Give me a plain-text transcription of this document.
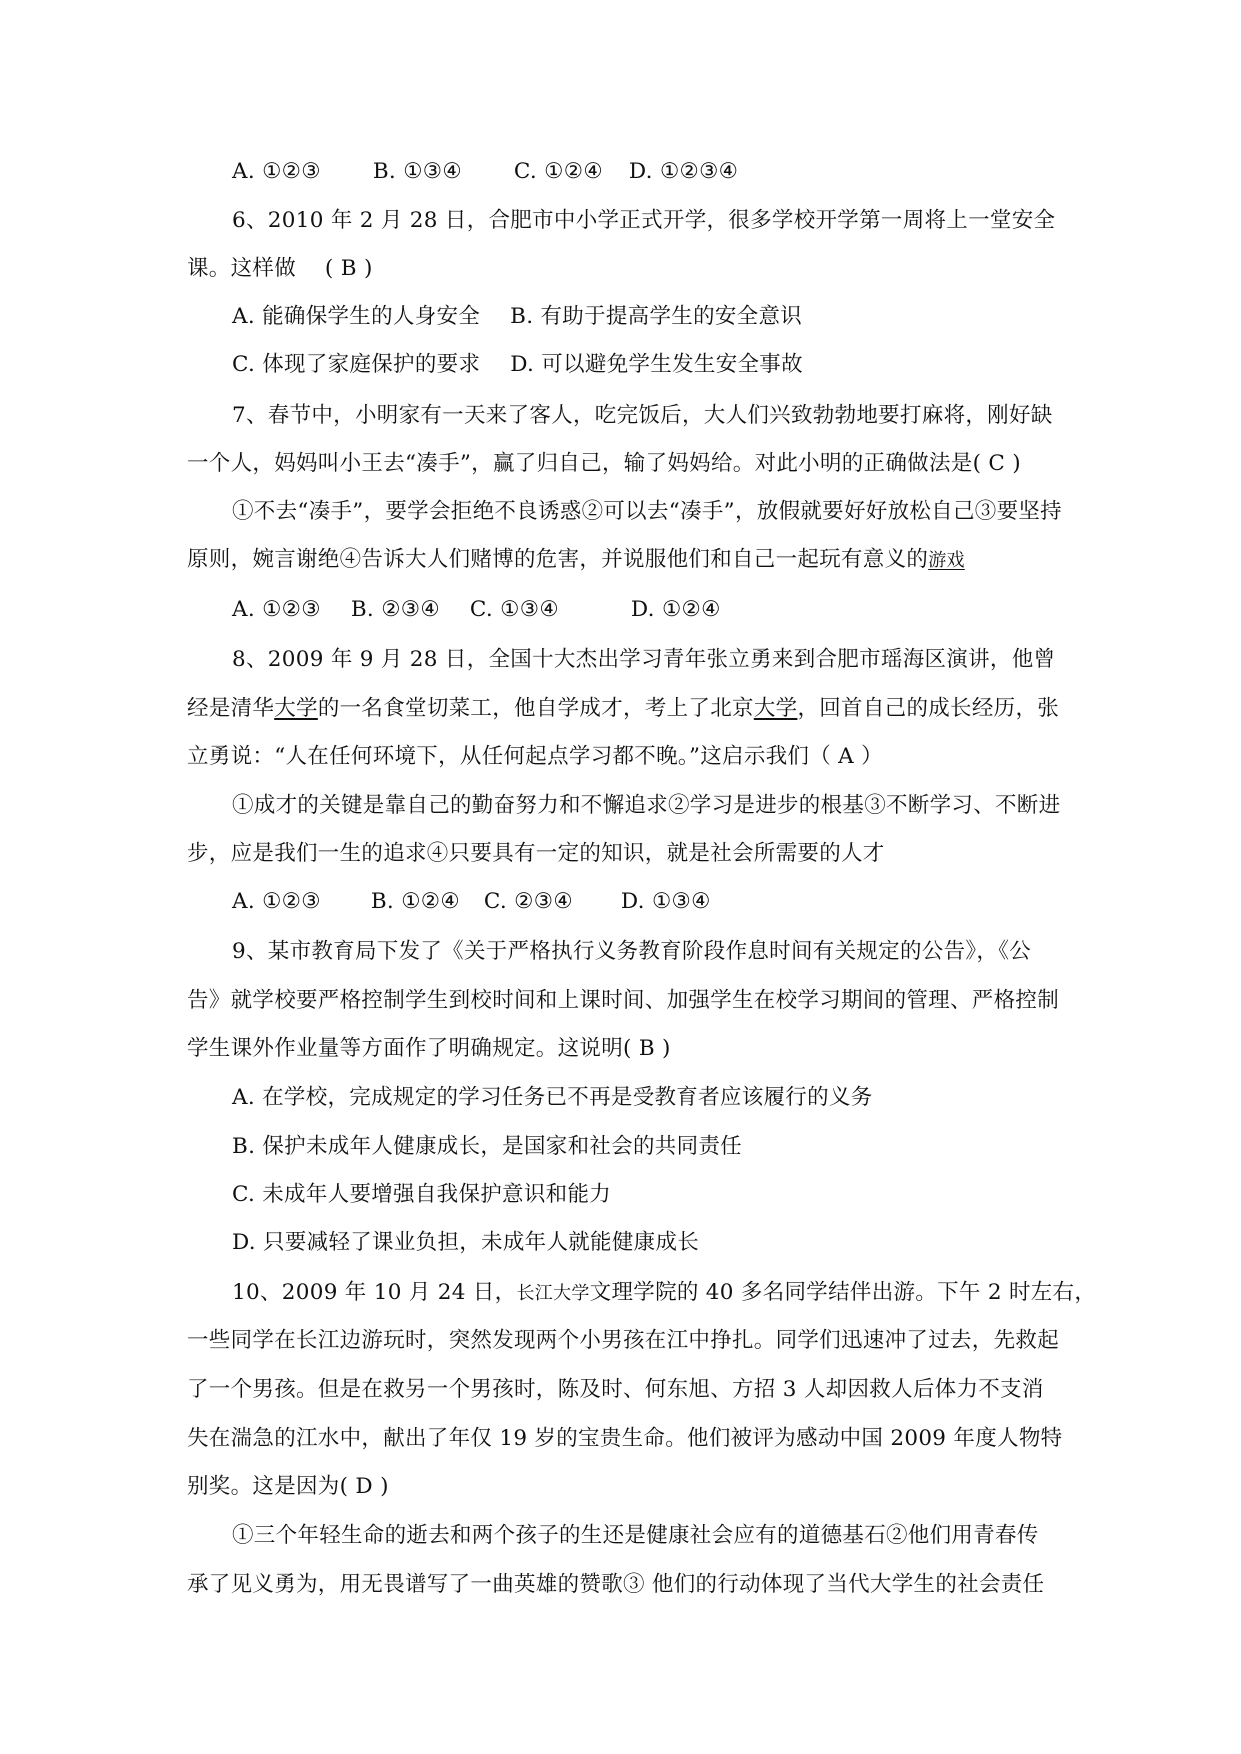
A. ①②③ B. ①③④ C. ①②④ D. ①②③④
6、2010 年 2 月 28 日，合肥市中小学正式开学，很多学校开学第一周将上一堂安全
课。这样做 　( B )
A. 能确保学生的人身安全 B. 有助于提高学生的安全意识
C. 体现了家庭保护的要求 D. 可以避免学生发生安全事故
7、春节中，小明家有一天来了客人，吃完饭后，大人们兴致勃勃地要打麻将，刚好缺
一个人，妈妈叫小王去“凑手”，赢了归自己，输了妈妈给。对此小明的正确做法是( C )
①不去“凑手”，要学会拒绝不良诱惑②可以去“凑手”，放假就要好好放松自己③要坚持
原则，婉言谢绝④告诉大人们赌博的危害，并说服他们和自己一起玩有意义的游戏
A. ①②③ B. ②③④ C. ①③④	D. ①②④
8、2009 年 9 月 28 日，全国十大杰出学习青年张立勇来到合肥市瑶海区演讲，他曾
经是清华大学的一名食堂切菜工，他自学成才，考上了北京大学，回首自己的成长经历，张
立勇说：“人在任何环境下，从任何起点学习都不晚。”这启示我们（ A ）
①成才的关键是靠自己的勤奋努力和不懈追求②学习是进步的根基③不断学习、不断进
步，应是我们一生的追求④只要具有一定的知识，就是社会所需要的人才
A. ①②③ B. ①②④ C. ②③④ D. ①③④
9、某市教育局下发了《关于严格执行义务教育阶段作息时间有关规定的公告》，《公
告》就学校要严格控制学生到校时间和上课时间、加强学生在校学习期间的管理、严格控制
学生课外作业量等方面作了明确规定。这说明( B )
A. 在学校，完成规定的学习任务已不再是受教育者应该履行的义务
B. 保护未成年人健康成长，是国家和社会的共同责任
C. 未成年人要增强自我保护意识和能力
D. 只要减轻了课业负担，未成年人就能健康成长
10、2009 年 10 月 24 日，长江大学文理学院的 40 多名同学结伴出游。下午 2 时左右，
一些同学在长江边游玩时，突然发现两个小男孩在江中挣扎。同学们迅速冲了过去，先救起
了一个男孩。但是在救另一个男孩时，陈及时、何东旭、方招 3 人却因救人后体力不支消
失在湍急的江水中，献出了年仅 19 岁的宝贵生命。他们被评为感动中国 2009 年度人物特
别奖。这是因为( D )
①三个年轻生命的逝去和两个孩子的生还是健康社会应有的道德基石②他们用青春传
承了见义勇为，用无畏谱写了一曲英雄的赞歌③ 他们的行动体现了当代大学生的社会责任
